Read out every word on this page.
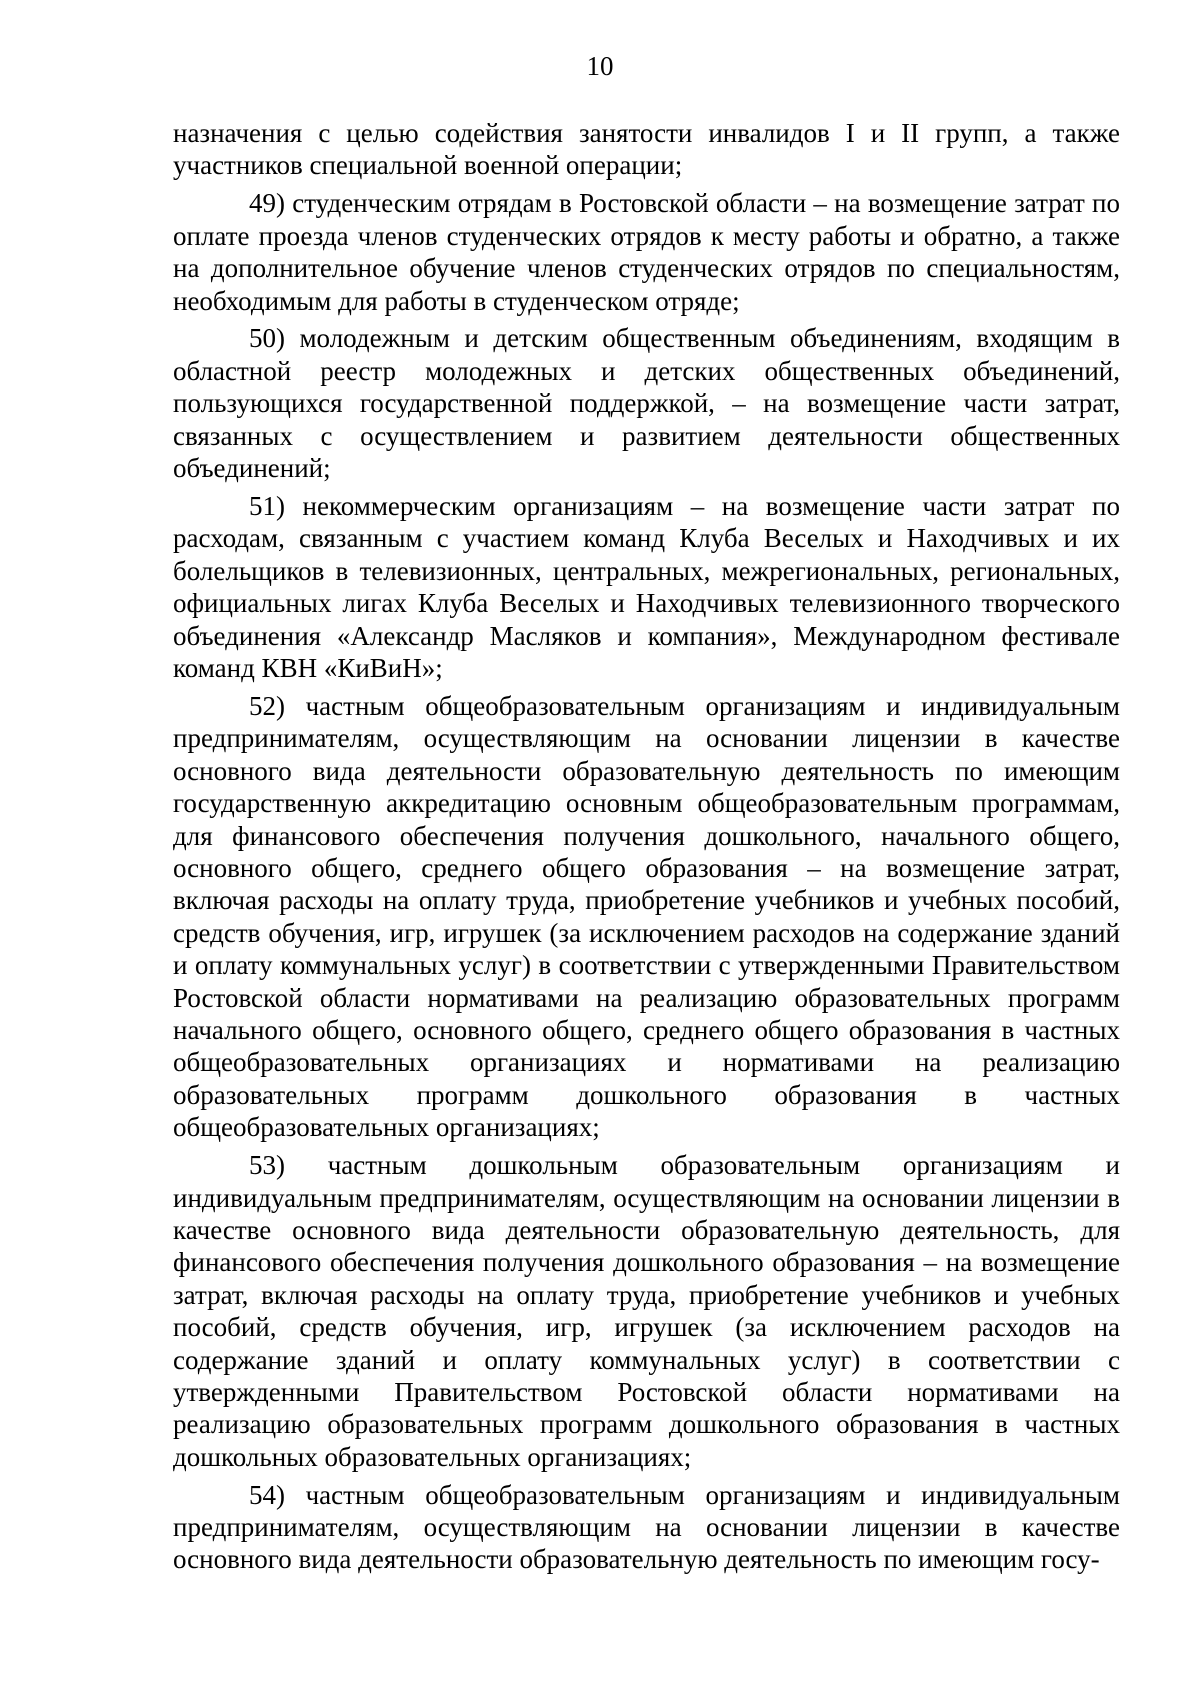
10

назначения с целью содействия занятости инвалидов I и II групп, а также участников специальной военной операции;

49) студенческим отрядам в Ростовской области – на возмещение затрат по оплате проезда членов студенческих отрядов к месту работы и обратно, а также на дополнительное обучение членов студенческих отрядов по специальностям, необходимым для работы в студенческом отряде;

50) молодежным и детским общественным объединениям, входящим в областной реестр молодежных и детских общественных объединений, пользующихся государственной поддержкой, – на возмещение части затрат, связанных с осуществлением и развитием деятельности общественных объединений;

51) некоммерческим организациям – на возмещение части затрат по расходам, связанным с участием команд Клуба Веселых и Находчивых и их болельщиков в телевизионных, центральных, межрегиональных, региональных, официальных лигах Клуба Веселых и Находчивых телевизионного творческого объединения «Александр Масляков и компания», Международном фестивале команд КВН «КиВиН»;

52) частным общеобразовательным организациям и индивидуальным предпринимателям, осуществляющим на основании лицензии в качестве основного вида деятельности образовательную деятельность по имеющим государственную аккредитацию основным общеобразовательным программам, для финансового обеспечения получения дошкольного, начального общего, основного общего, среднего общего образования – на возмещение затрат, включая расходы на оплату труда, приобретение учебников и учебных пособий, средств обучения, игр, игрушек (за исключением расходов на содержание зданий и оплату коммунальных услуг) в соответствии с утвержденными Правительством Ростовской области нормативами на реализацию образовательных программ начального общего, основного общего, среднего общего образования в частных общеобразовательных организациях и нормативами на реализацию образовательных программ дошкольного образования в частных общеобразовательных организациях;

53) частным дошкольным образовательным организациям и индивидуальным предпринимателям, осуществляющим на основании лицензии в качестве основного вида деятельности образовательную деятельность, для финансового обеспечения получения дошкольного образования – на возмещение затрат, включая расходы на оплату труда, приобретение учебников и учебных пособий, средств обучения, игр, игрушек (за исключением расходов на содержание зданий и оплату коммунальных услуг) в соответствии с утвержденными Правительством Ростовской области нормативами на реализацию образовательных программ дошкольного образования в частных дошкольных образовательных организациях;

54) частным общеобразовательным организациям и индивидуальным предпринимателям, осуществляющим на основании лицензии в качестве основного вида деятельности образовательную деятельность по имеющим госу-
